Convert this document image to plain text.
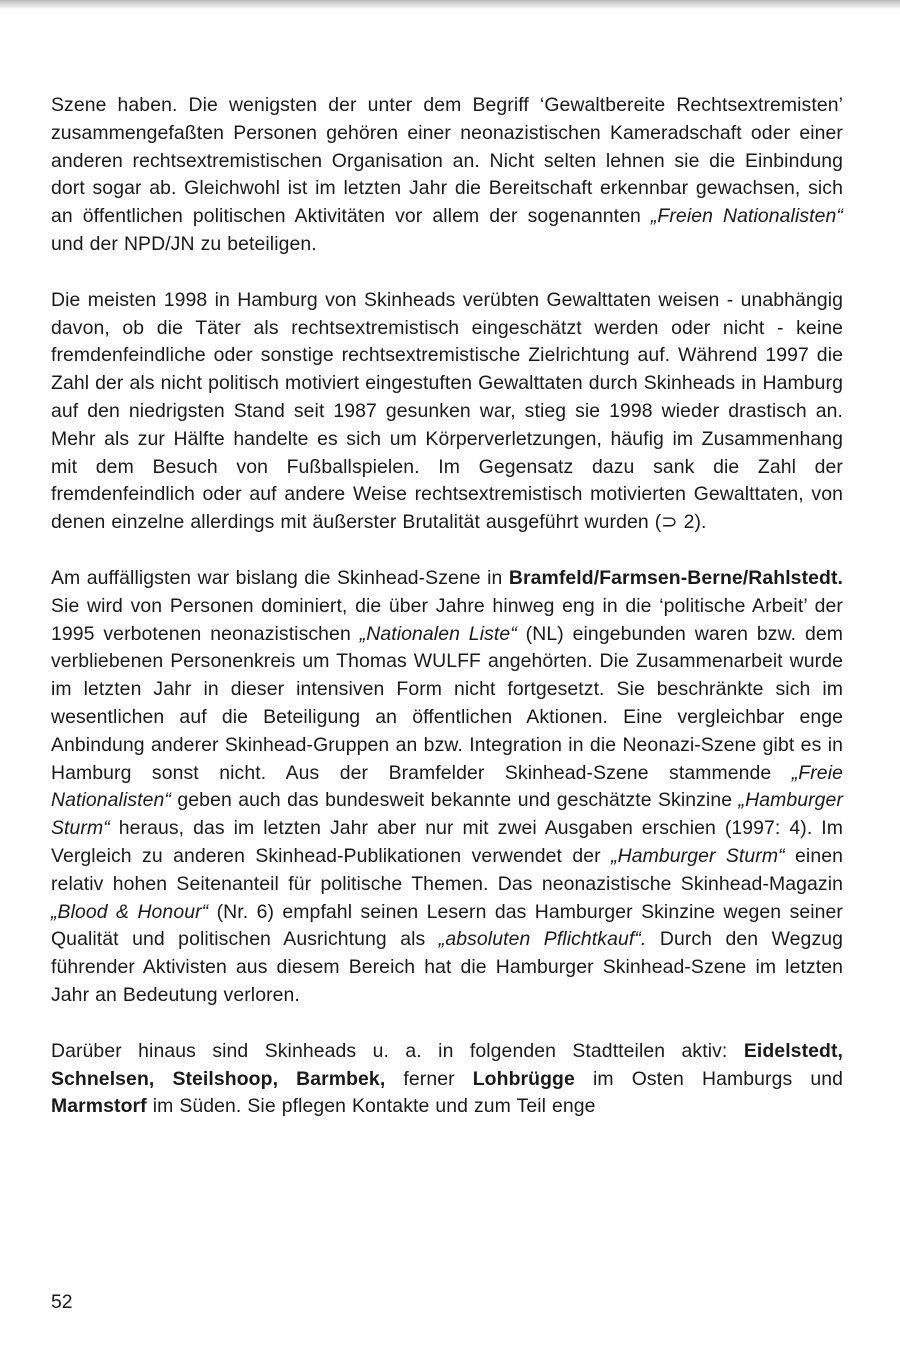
Szene haben. Die wenigsten der unter dem Begriff ‘Gewaltbereite Rechtsextremisten’ zusammengefaßten Personen gehören einer neonazistischen Kameradschaft oder einer anderen rechtsextremistischen Organisation an. Nicht selten lehnen sie die Einbindung dort sogar ab. Gleichwohl ist im letzten Jahr die Bereitschaft erkennbar gewachsen, sich an öffentlichen politischen Aktivitäten vor allem der sogenannten „Freien Nationalisten“ und der NPD/JN zu beteiligen.

Die meisten 1998 in Hamburg von Skinheads verübten Gewalttaten weisen - unabhängig davon, ob die Täter als rechtsextremistisch eingeschätzt werden oder nicht - keine fremdenfeindliche oder sonstige rechtsextremistische Zielrichtung auf. Während 1997 die Zahl der als nicht politisch motiviert eingestuften Gewalttaten durch Skinheads in Hamburg auf den niedrigsten Stand seit 1987 gesunken war, stieg sie 1998 wieder drastisch an. Mehr als zur Hälfte handelte es sich um Körperverletzungen, häufig im Zusammenhang mit dem Besuch von Fußballspielen. Im Gegensatz dazu sank die Zahl der fremdenfeindlich oder auf andere Weise rechtsextremistisch motivierten Gewalttaten, von denen einzelne allerdings mit äußerster Brutalität ausgeführt wurden (⊃ 2).

Am auffälligsten war bislang die Skinhead-Szene in Bramfeld/Farmsen-Berne/Rahlstedt. Sie wird von Personen dominiert, die über Jahre hinweg eng in die ‘politische Arbeit’ der 1995 verbotenen neonazistischen „Nationalen Liste“ (NL) eingebunden waren bzw. dem verbliebenen Personenkreis um Thomas WULFF angehörten. Die Zusammenarbeit wurde im letzten Jahr in dieser intensiven Form nicht fortgesetzt. Sie beschränkte sich im wesentlichen auf die Beteiligung an öffentlichen Aktionen. Eine vergleichbar enge Anbindung anderer Skinhead-Gruppen an bzw. Integration in die Neonazi-Szene gibt es in Hamburg sonst nicht. Aus der Bramfelder Skinhead-Szene stammende „Freie Nationalisten“ geben auch das bundesweit bekannte und geschätzte Skinzine „Hamburger Sturm“ heraus, das im letzten Jahr aber nur mit zwei Ausgaben erschien (1997: 4). Im Vergleich zu anderen Skinhead-Publikationen verwendet der „Hamburger Sturm“ einen relativ hohen Seitenanteil für politische Themen. Das neonazistische Skinhead-Magazin „Blood & Honour“ (Nr. 6) empfahl seinen Lesern das Hamburger Skinzine wegen seiner Qualität und politischen Ausrichtung als „absoluten Pflichtkauf“. Durch den Wegzug führender Aktivisten aus diesem Bereich hat die Hamburger Skinhead-Szene im letzten Jahr an Bedeutung verloren.

Darüber hinaus sind Skinheads u. a. in folgenden Stadtteilen aktiv: Eidelstedt, Schnelsen, Steilshoop, Barmbek, ferner Lohbrügge im Osten Hamburgs und Marmstorf im Süden. Sie pflegen Kontakte und zum Teil enge

52
